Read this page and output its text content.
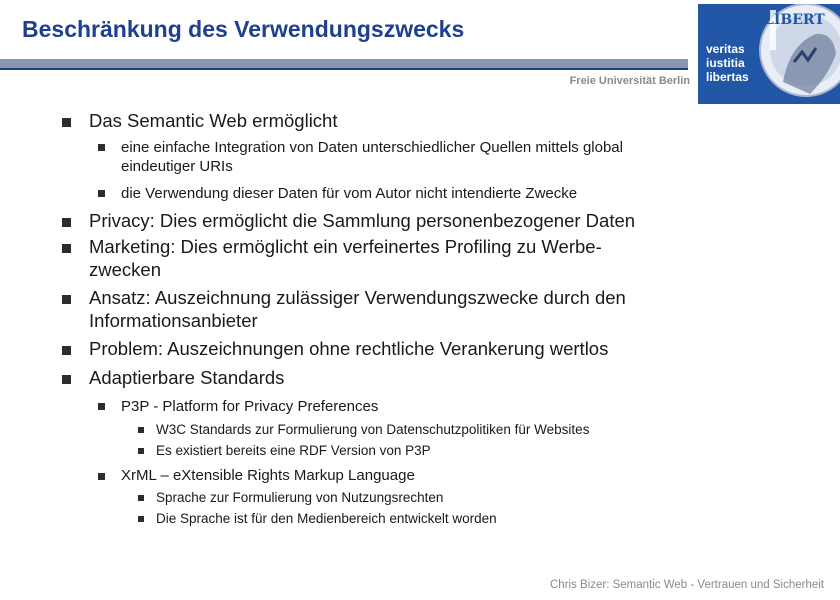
Beschränkung des Verwendungszwecks
Freie Universität Berlin
LIBERT
veritas
iustitia
libertas
Das Semantic Web ermöglicht
eine einfache Integration von Daten unterschiedlicher Quellen mittels global
eindeutiger URIs
die Verwendung dieser Daten für vom Autor nicht intendierte Zwecke
Privacy: Dies ermöglicht die Sammlung personenbezogener Daten
Marketing: Dies ermöglicht ein verfeinertes Profiling zu Werbe-
zwecken
Ansatz: Auszeichnung zulässiger Verwendungszwecke durch den
Informationsanbieter
Problem: Auszeichnungen ohne rechtliche Verankerung wertlos
Adaptierbare Standards
P3P - Platform for Privacy Preferences
W3C Standards zur Formulierung von Datenschutzpolitiken für Websites
Es existiert bereits eine RDF Version von P3P
XrML – eXtensible Rights Markup Language
Sprache zur Formulierung von Nutzungsrechten
Die Sprache ist für den Medienbereich entwickelt worden
Chris Bizer: Semantic Web - Vertrauen und Sicherheit
